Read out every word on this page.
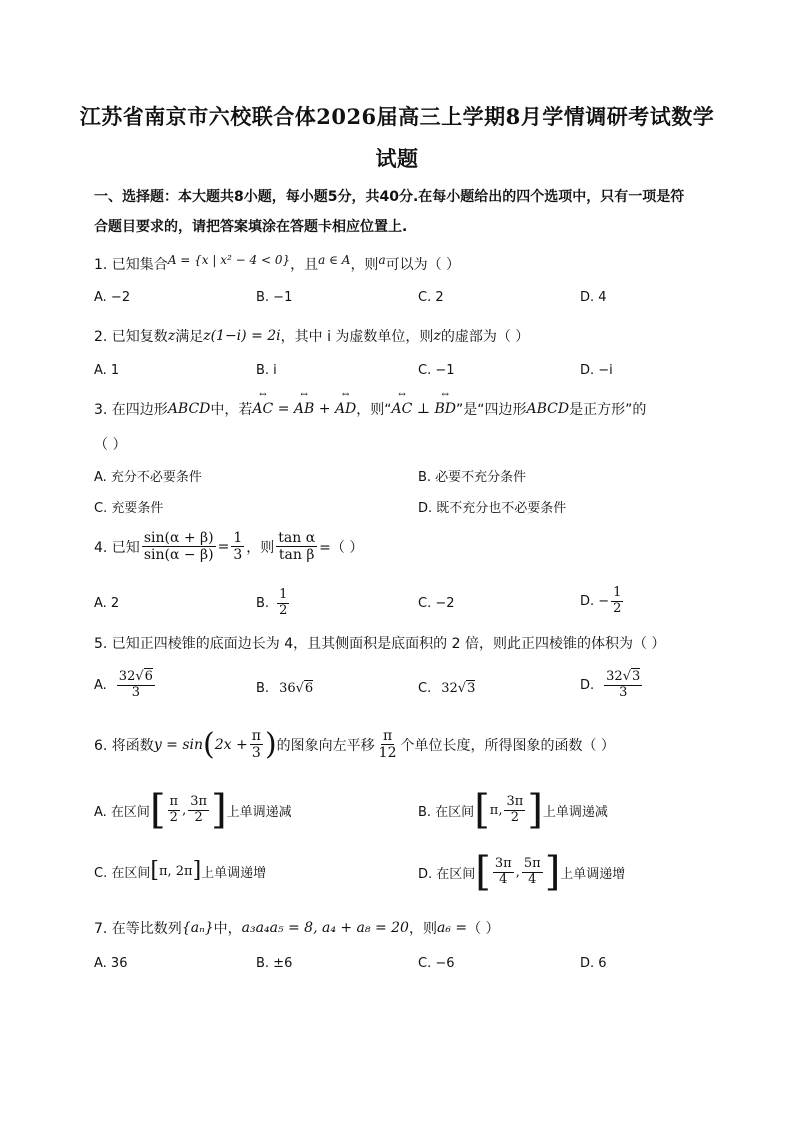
江苏省南京市六校联合体2026届高三上学期8月学情调研考试数学
试题
一、选择题：本大题共8小题，每小题5分，共40分.在每小题给出的四个选项中，只有一项是符
合题目要求的，请把答案填涂在答题卡相应位置上.
1. 已知集合 A = {x | x² − 4 < 0} ，且 a ∈ A ，则 a 可以为（ ）
A. −2	B. −1	C. 2	D. 4
2. 已知复数 z 满足 z(1−i) = 2i ，其中 i 为虚数单位，则 z 的虚部为（ ）
A. 1	B. i	C. −1	D. −i
3. 在四边形 ABCD 中，若 ↔ AC = ↔ AB + ↔ AD ，则“ ↔ AC ⊥ ↔ BD ”是“四边形 ABCD 是正方形”的
（ ）
A. 充分不必要条件	B. 必要不充分条件
C. 充要条件	D. 既不充分也不必要条件
4. 已知 $\frac{\sin(\alpha + \beta)}{\sin(\alpha - \beta)} = \frac{1}{3}$ ，则 $\frac{\text{tan α}}{\text{tan β}}$ =（ ）
A. 2	B. $\frac{1}{2}$	C. −2	D. − $\frac{1}{2}$
5. 已知正四棱锥的底面边长为 4，且其侧面积是底面积的 2 倍，则此正四棱锥的体积为（ ）
A. $\frac{32√6}{3}$	B. 36 √ 6	C. 32 √ 3	D. $\frac{32√3}{3}$
6. 将函数 y = sin ( $2x + \frac{\pi}{3}$ ) 的图象向左平移 $\frac{\pi}{12}$ 个单位长度，所得图象的函数（ ）
A. 在区间 [ $\frac{\pi}{2}$ , $\frac{3\pi}{2}$ ] 上单调递减	B. 在区间 [ π, $\frac{3\pi}{2}$ ] 上单调递减
C. 在区间 [ π, 2π ] 上单调递增	D. 在区间 [ $\frac{3\pi}{4}$ , $\frac{5\pi}{4}$ ] 上单调递增
7. 在等比数列 {aₙ} 中， a₃a₄a₅ = 8, a₄ + a₈ = 20 ，则 a₆ = （ ）
A. 36	B. ±6	C. −6	D. 6
